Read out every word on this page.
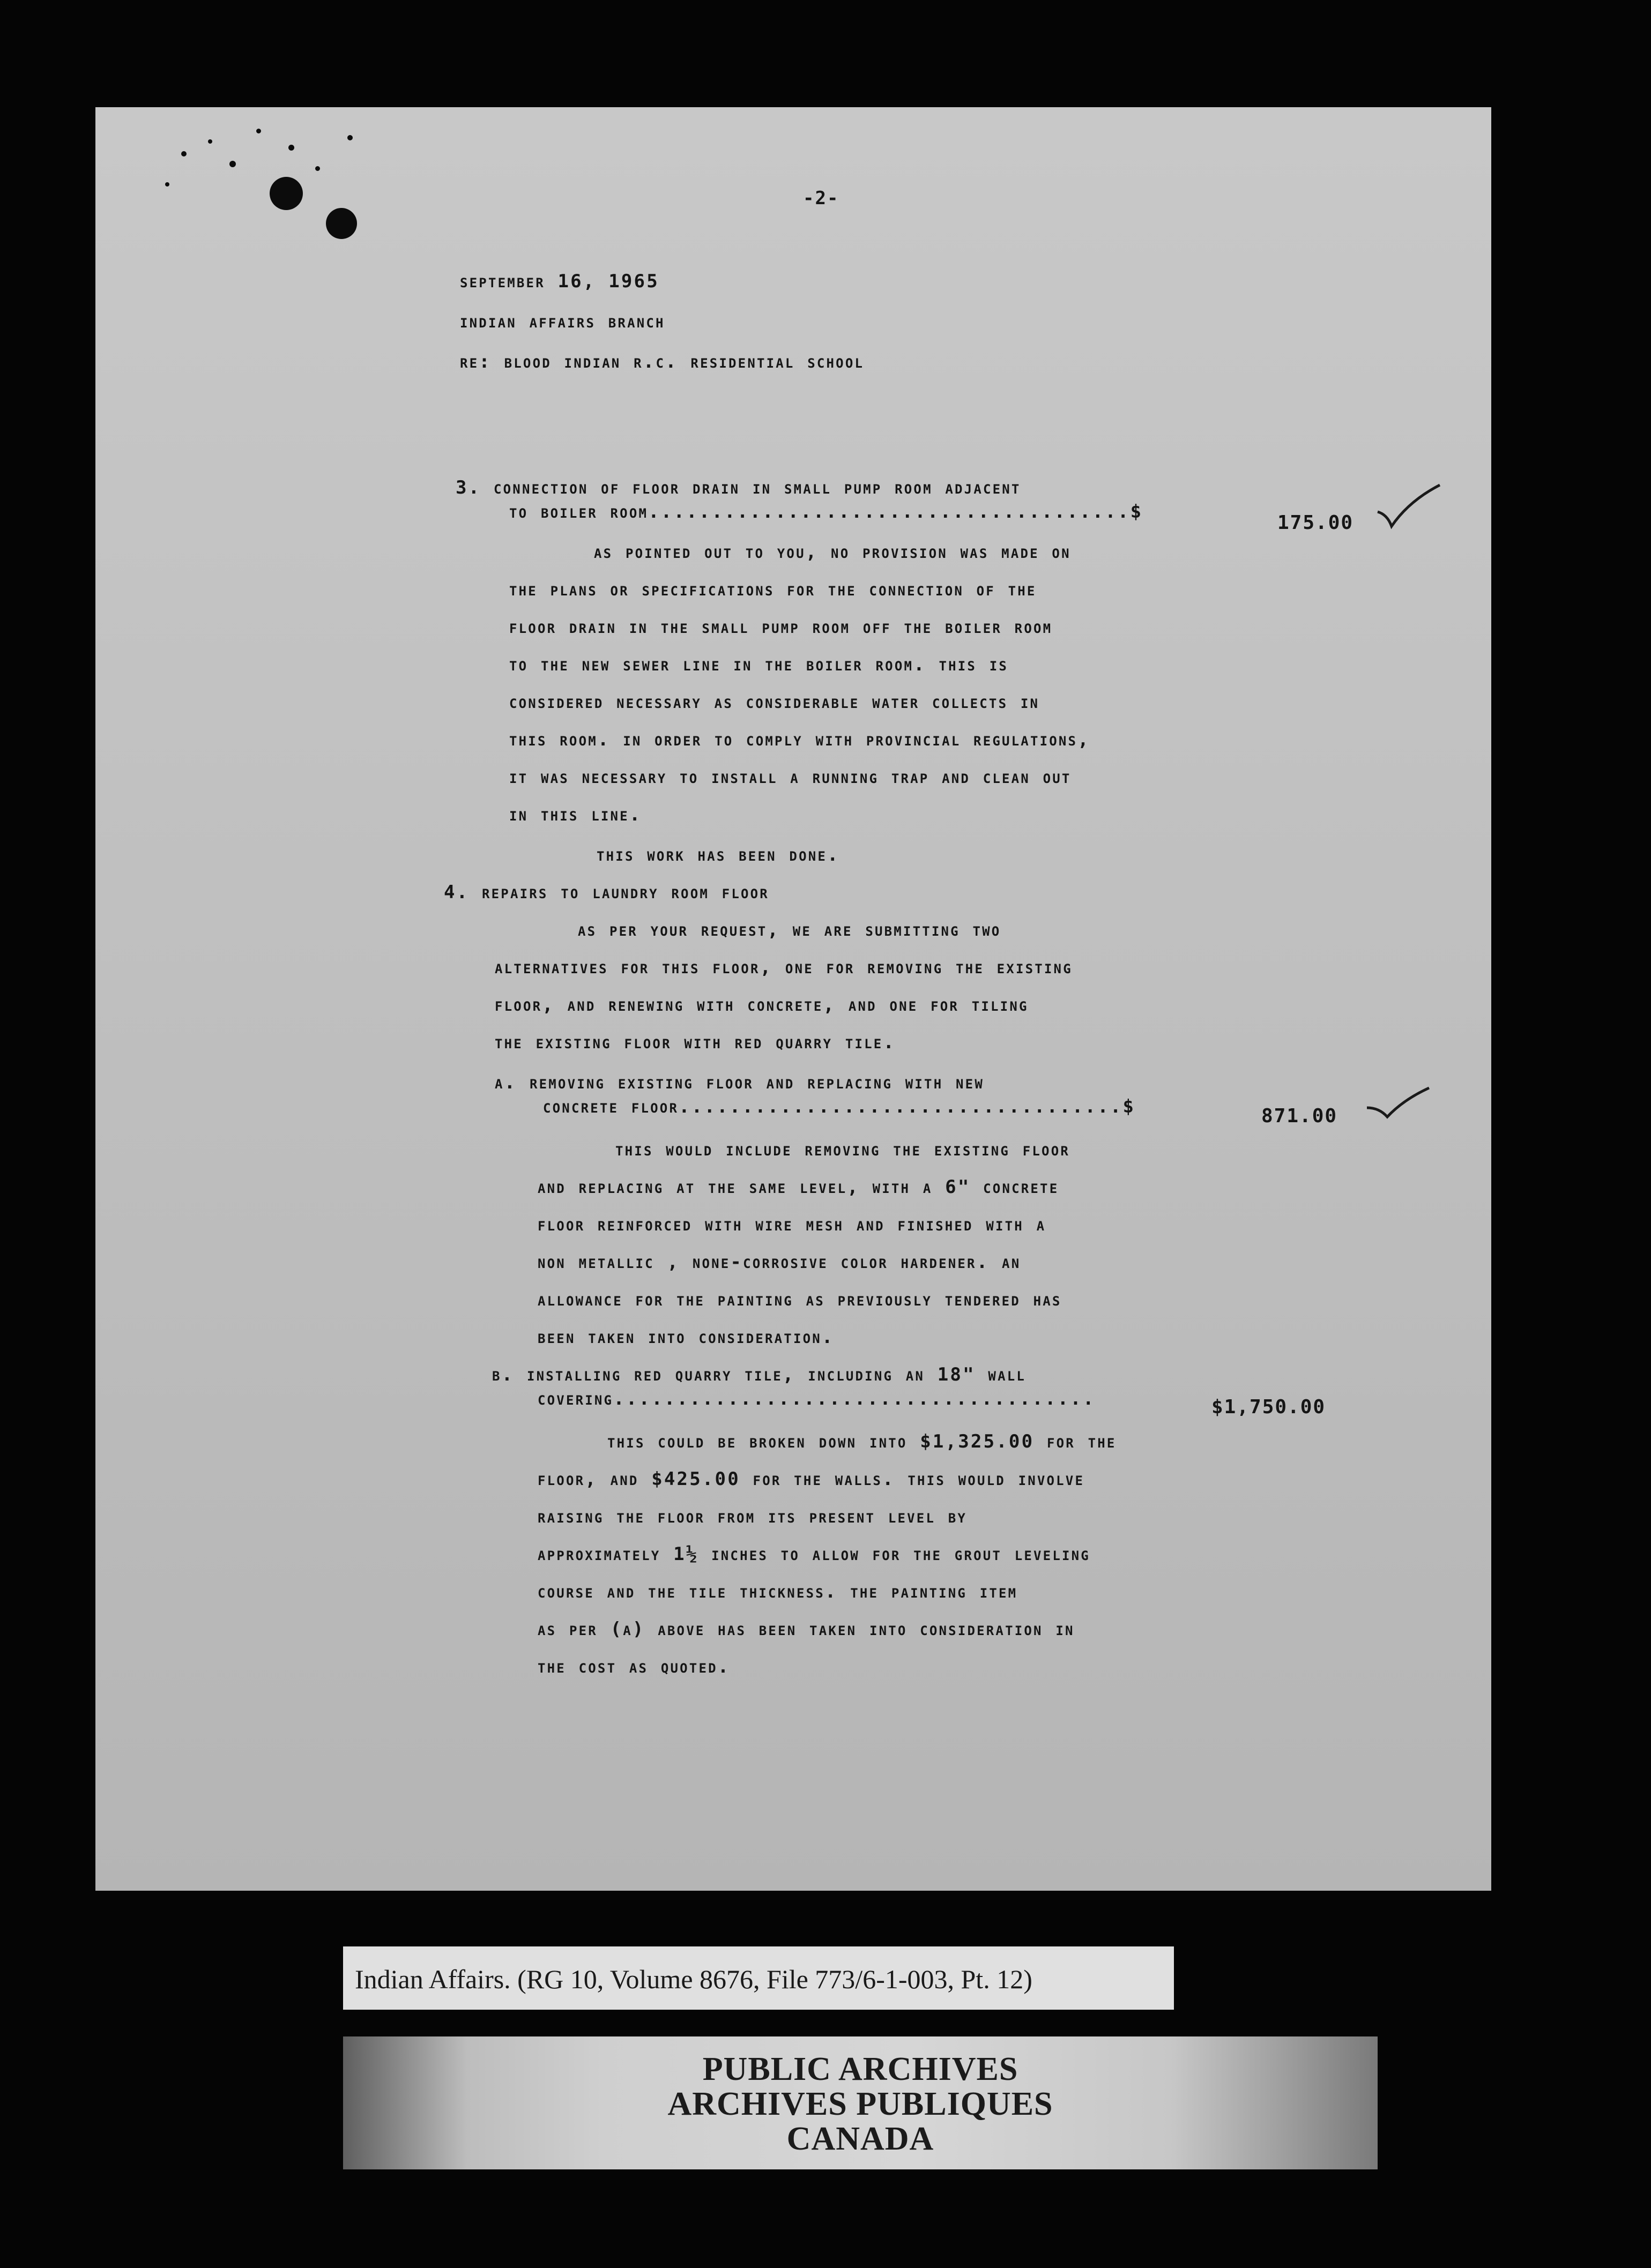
-2-
september 16, 1965
indian affairs branch
re: blood indian r.c. residential school
3. connection of floor drain in small pump room adjacent
to boiler room......................................$	175.00
as pointed out to you, no provision was made on
the plans or specifications for the connection of the
floor drain in the small pump room off the boiler room
to the new sewer line in the boiler room. this is
considered necessary as considerable water collects in
this room. in order to comply with provincial regulations,
it was necessary to install a running trap and clean out
in this line.
this work has been done.
4. repairs to laundry room floor
as per your request, we are submitting two
alternatives for this floor, one for removing the existing
floor, and renewing with concrete, and one for tiling
the existing floor with red quarry tile.
a. removing existing floor and replacing with new
concrete floor...................................$	871.00
this would include removing the existing floor
and replacing at the same level, with a 6" concrete
floor reinforced with wire mesh and finished with a
non metallic , none-corrosive color hardener. an
allowance for the painting as previously tendered has
been taken into consideration.
b. installing red quarry tile, including an 18" wall
covering......................................	$1,750.00
this could be broken down into $1,325.00 for the
floor, and $425.00 for the walls. this would involve
raising the floor from its present level by
approximately 1½ inches to allow for the grout leveling
course and the tile thickness. the painting item
as per (a) above has been taken into consideration in
the cost as quoted.
Indian Affairs. (RG 10, Volume 8676, File 773/6-1-003, Pt. 12)
PUBLIC ARCHIVES
ARCHIVES PUBLIQUES
CANADA
